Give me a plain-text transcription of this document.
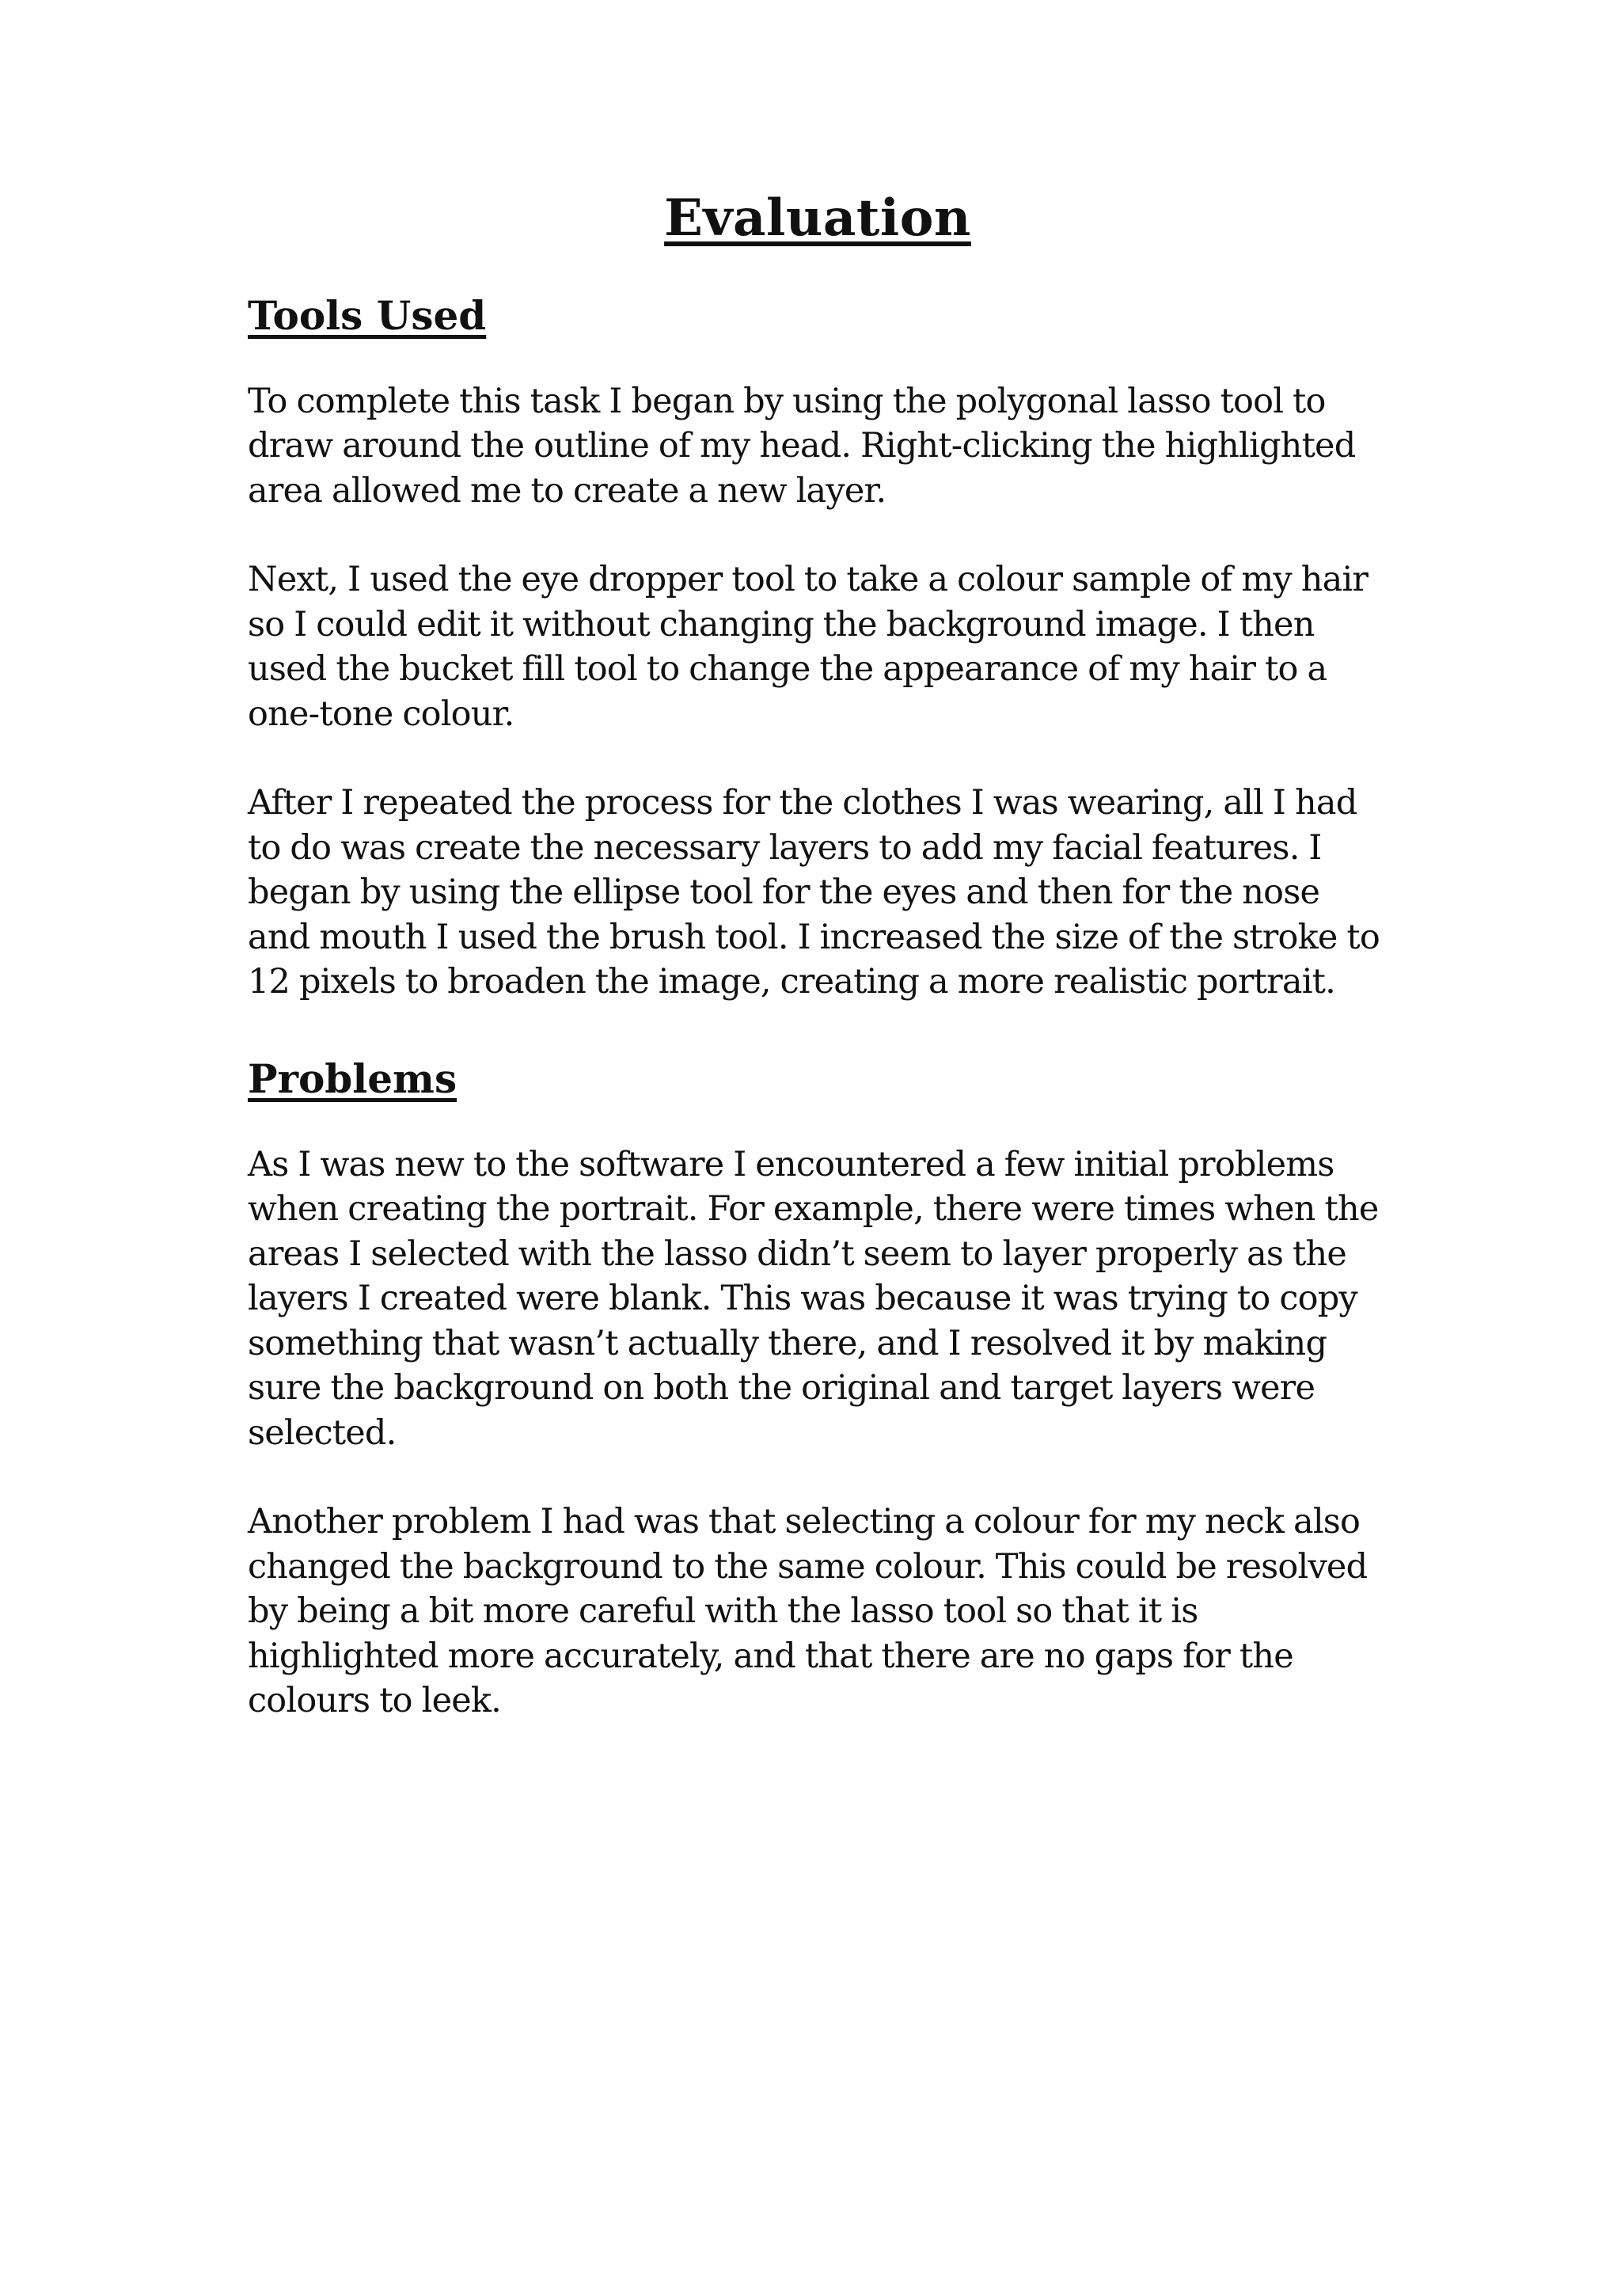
Evaluation
Tools Used

To complete this task I began by using the polygonal lasso tool to draw around the outline of my head. Right-clicking the highlighted area allowed me to create a new layer.

Next, I used the eye dropper tool to take a colour sample of my hair so I could edit it without changing the background image. I then used the bucket fill tool to change the appearance of my hair to a one-tone colour.

After I repeated the process for the clothes I was wearing, all I had to do was create the necessary layers to add my facial features. I began by using the ellipse tool for the eyes and then for the nose and mouth I used the brush tool. I increased the size of the stroke to 12 pixels to broaden the image, creating a more realistic portrait.

Problems

As I was new to the software I encountered a few initial problems when creating the portrait. For example, there were times when the areas I selected with the lasso didn’t seem to layer properly as the layers I created were blank. This was because it was trying to copy something that wasn’t actually there, and I resolved it by making sure the background on both the original and target layers were selected.

Another problem I had was that selecting a colour for my neck also changed the background to the same colour. This could be resolved by being a bit more careful with the lasso tool so that it is highlighted more accurately, and that there are no gaps for the colours to leek.
